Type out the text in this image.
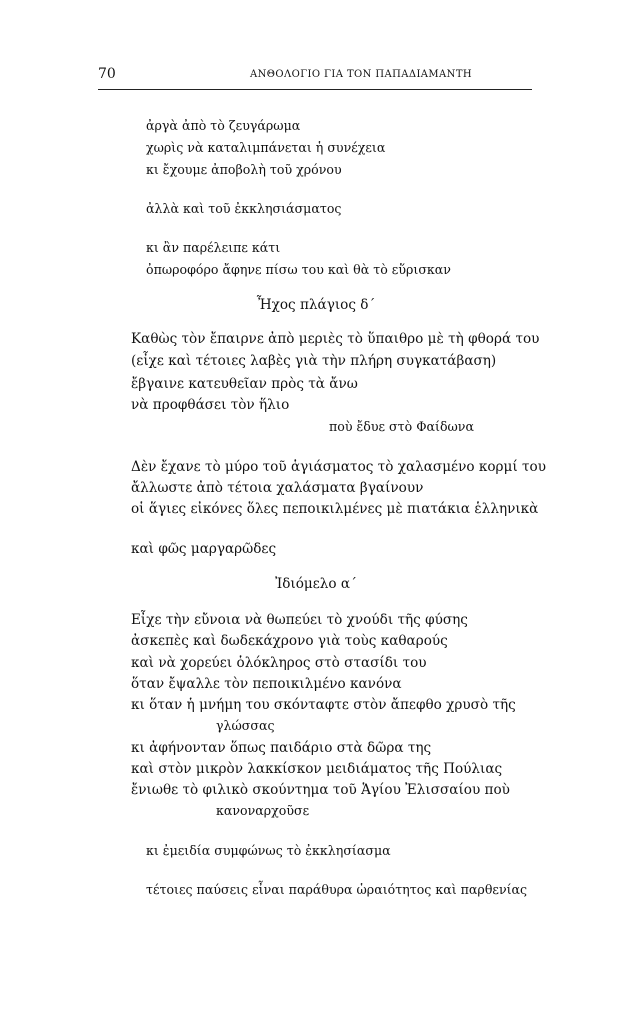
70	ΑΝΘΟΛΟΓΙΟ ΓΙΑ ΤΟΝ ΠΑΠΑΔΙΑΜΑΝΤΗ
ἀργὰ ἀπὸ τὸ ζευγάρωμα
χωρὶς νὰ καταλιμπάνεται ἡ συνέχεια
κι ἔχουμε ἀποβολὴ τοῦ χρόνου
ἀλλὰ καὶ τοῦ ἐκκλησιάσματος
κι ἂν παρέλειπε κάτι
ὀπωροφόρο ἄφηνε πίσω του καὶ θὰ τὸ εὕρισκαν
Ἦχος πλάγιος δ΄
Καθὼς τὸν ἔπαιρνε ἀπὸ μεριὲς τὸ ὕπαιθρο μὲ τὴ φθορά του
(εἶχε καὶ τέτοιες λαβὲς γιὰ τὴν πλήρη συγκατάβαση)
ἔβγαινε κατευθεῖαν πρὸς τὰ ἄνω
νὰ προφθάσει τὸν ἥλιο
ποὺ ἔδυε στὸ Φαίδωνα
Δὲν ἔχανε τὸ μύρο τοῦ ἁγιάσματος τὸ χαλασμένο κορμί του
ἄλλωστε ἀπὸ τέτοια χαλάσματα βγαίνουν
οἱ ἅγιες εἰκόνες ὅλες πεποικιλμένες μὲ πιατάκια ἑλληνικὰ
καὶ φῶς μαργαρῶδες
Ἰδιόμελο α΄
Εἶχε τὴν εὔνοια νὰ θωπεύει τὸ χνούδι τῆς φύσης
ἀσκεπὲς καὶ δωδεκάχρονο γιὰ τοὺς καθαρούς
καὶ νὰ χορεύει ὁλόκληρος στὸ στασίδι του
ὅταν ἔψαλλε τὸν πεποικιλμένο κανόνα
κι ὅταν ἡ μνήμη του σκόνταφτε στὸν ἄπεφθο χρυσὸ τῆς
γλώσσας
κι ἀφήνονταν ὅπως παιδάριο στὰ δῶρα της
καὶ στὸν μικρὸν λακκίσκον μειδιάματος τῆς Πούλιας
ἔνιωθε τὸ φιλικὸ σκούντημα τοῦ Ἁγίου Ἐλισσαίου ποὺ
κανοναρχοῦσε
κι ἐμειδία συμφώνως τὸ ἐκκλησίασμα
τέτοιες παύσεις εἶναι παράθυρα ὡραιότητος καὶ παρθενίας
